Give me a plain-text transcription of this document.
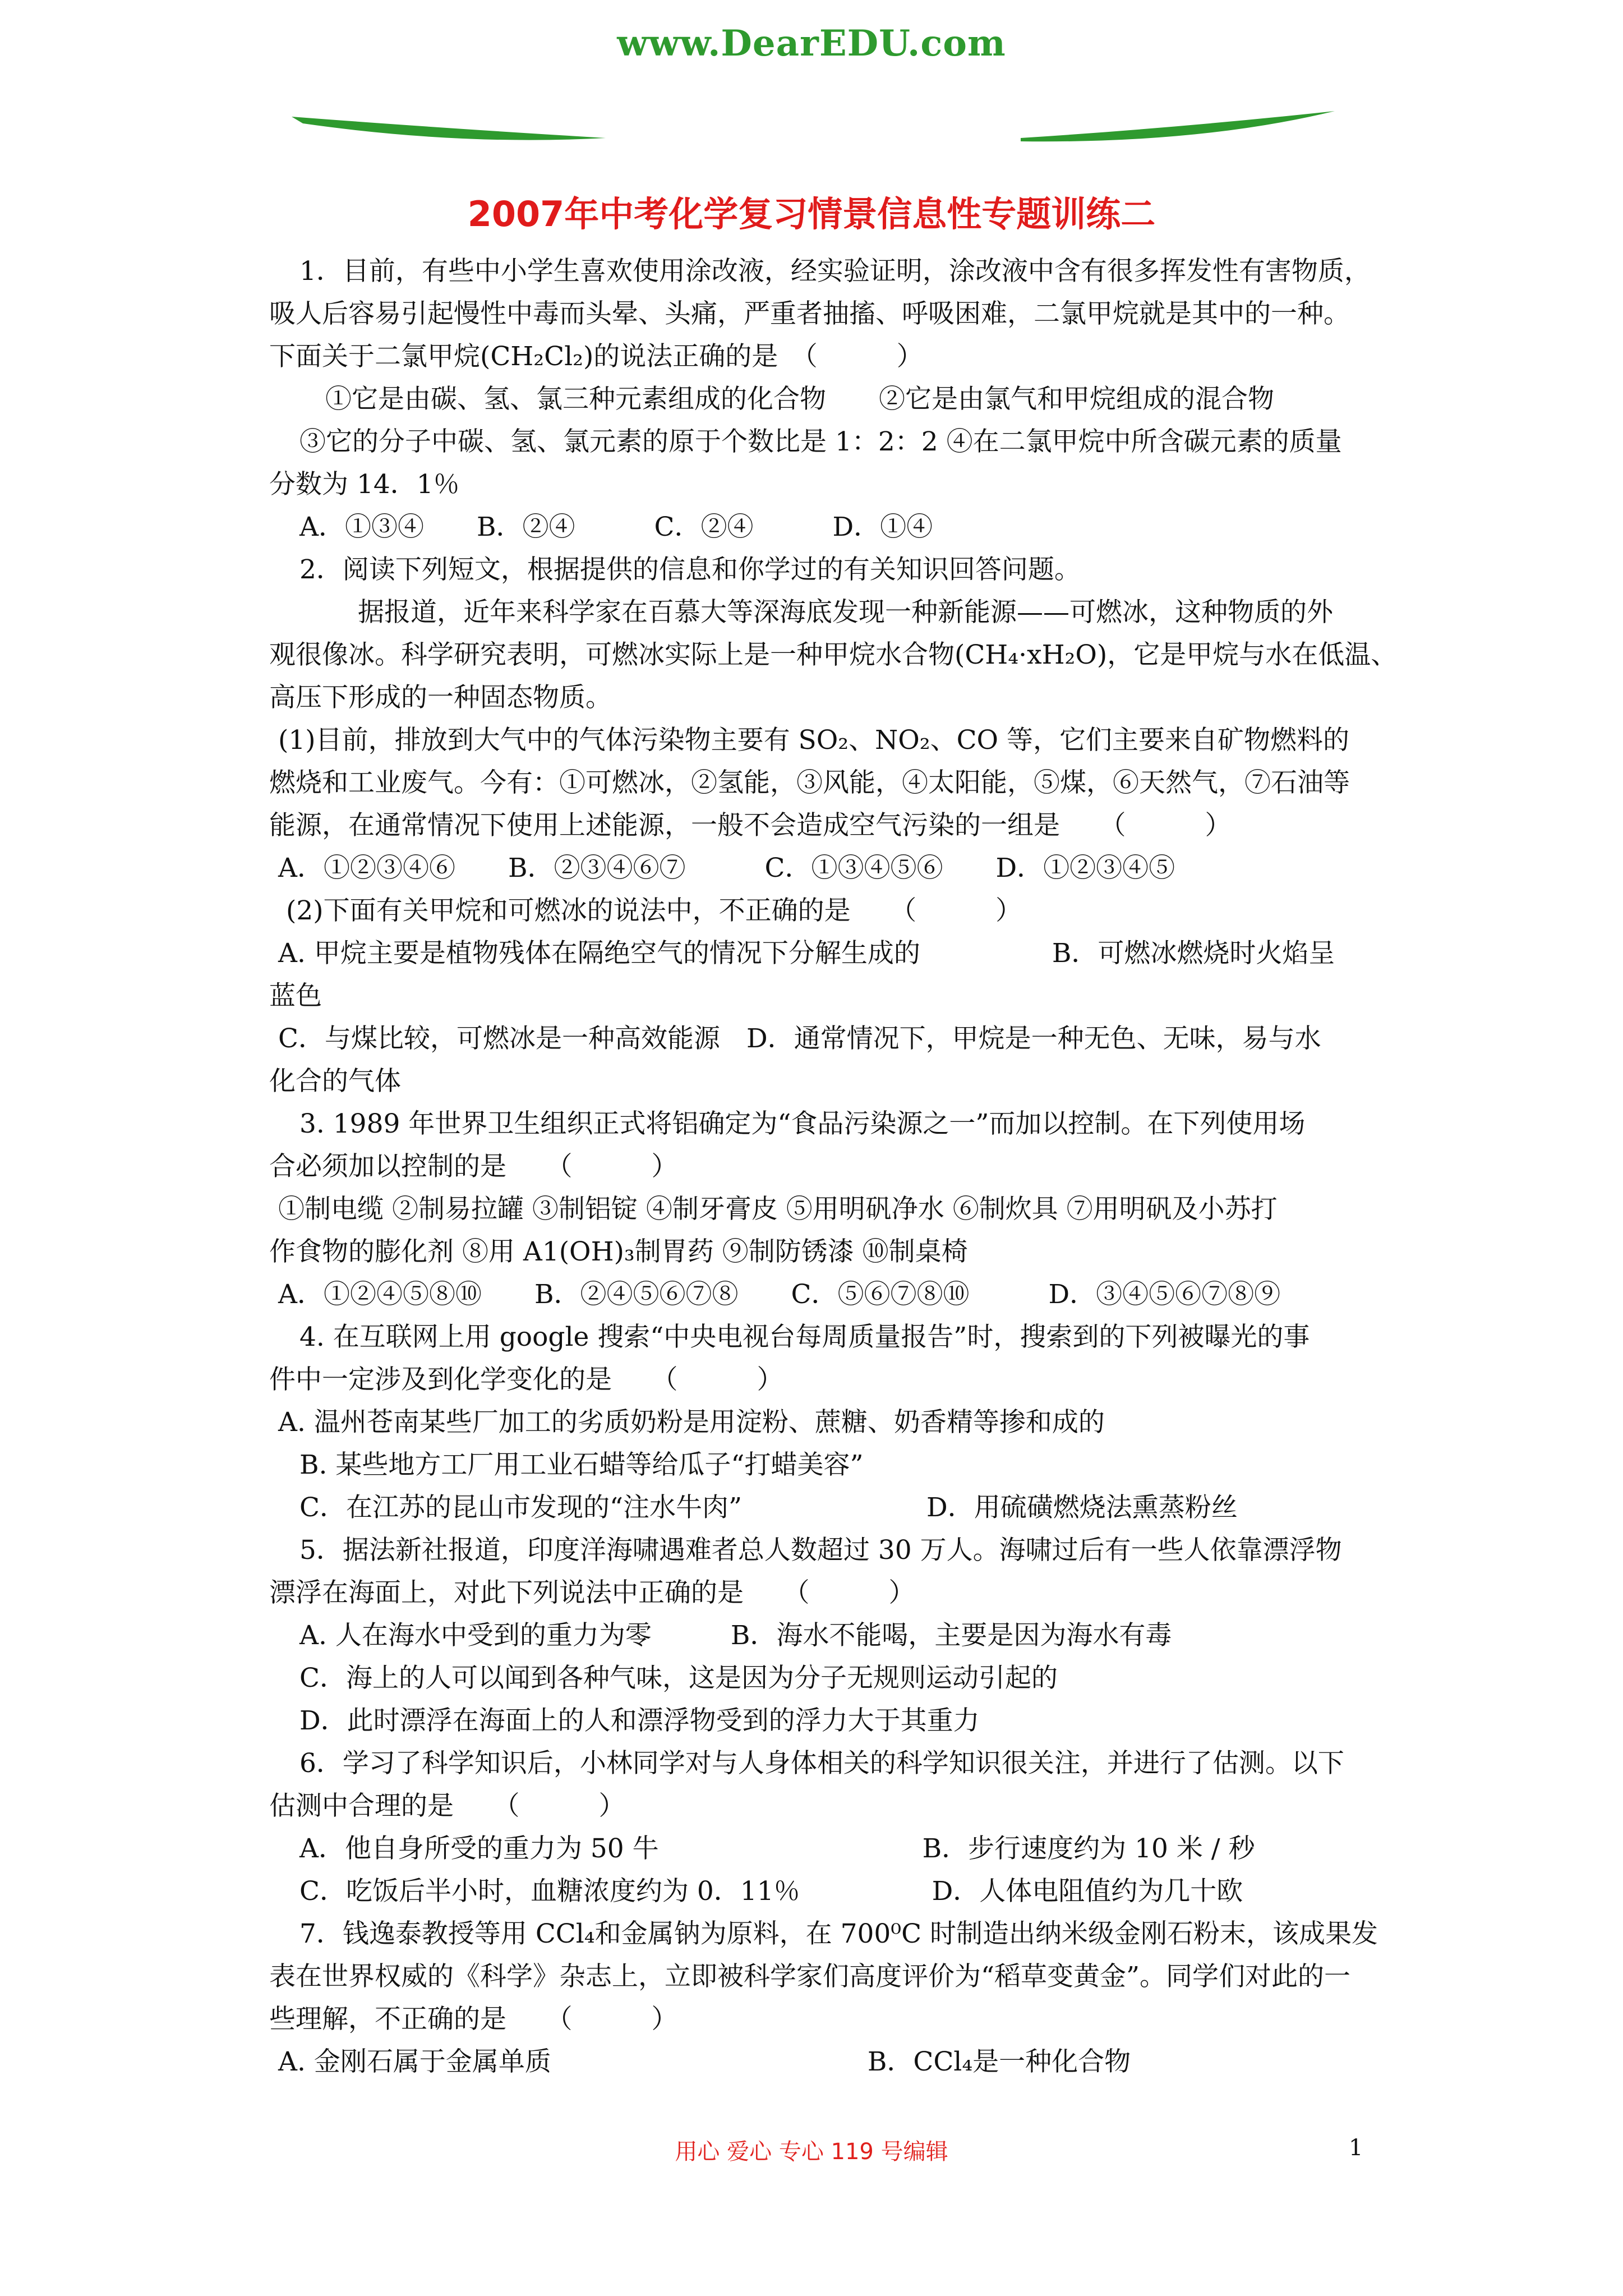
www.DearEDU.com
2007年中考化学复习情景信息性专题训练二
1．目前，有些中小学生喜欢使用涂改液，经实验证明，涂改液中含有很多挥发性有害物质，
吸人后容易引起慢性中毒而头晕、头痛，严重者抽搐、呼吸困难，二氯甲烷就是其中的一种。
下面关于二氯甲烷(CH₂Cl₂)的说法正确的是　（　　　）
①它是由碳、氢、氯三种元素组成的化合物　　②它是由氯气和甲烷组成的混合物
③它的分子中碳、氢、氯元素的原于个数比是 1：2：2 ④在二氯甲烷中所含碳元素的质量
分数为 14．1％
A．①③④　　B．②④　　　C．②④　　　D．①④
2．阅读下列短文，根据提供的信息和你学过的有关知识回答问题。
据报道，近年来科学家在百慕大等深海底发现一种新能源——可燃冰，这种物质的外
观很像冰。科学研究表明，可燃冰实际上是一种甲烷水合物(CH₄·xH₂O)，它是甲烷与水在低温、
高压下形成的一种固态物质。
(1)目前，排放到大气中的气体污染物主要有 SO₂、NO₂、CO 等，它们主要来自矿物燃料的
燃烧和工业废气。今有：①可燃冰，②氢能，③风能，④太阳能，⑤煤，⑥天然气，⑦石油等
能源，在通常情况下使用上述能源，一般不会造成空气污染的一组是　　（　　　）
A．①②③④⑥　　B．②③④⑥⑦　　　C．①③④⑤⑥　　D．①②③④⑤
(2)下面有关甲烷和可燃冰的说法中，不正确的是　　（　　　）
A. 甲烷主要是植物残体在隔绝空气的情况下分解生成的　　　　　B．可燃冰燃烧时火焰呈
蓝色
C．与煤比较，可燃冰是一种高效能源　D．通常情况下，甲烷是一种无色、无味，易与水
化合的气体
3. 1989 年世界卫生组织正式将铝确定为“食品污染源之一”而加以控制。在下列使用场
合必须加以控制的是　　（　　　）
①制电缆 ②制易拉罐 ③制铝锭 ④制牙膏皮 ⑤用明矾净水 ⑥制炊具 ⑦用明矾及小苏打
作食物的膨化剂 ⑧用 A1(OH)₃制胃药 ⑨制防锈漆 ⑩制桌椅
A．①②④⑤⑧⑩　　B．②④⑤⑥⑦⑧　　C．⑤⑥⑦⑧⑩　　　D．③④⑤⑥⑦⑧⑨
4. 在互联网上用 google 搜索“中央电视台每周质量报告”时，搜索到的下列被曝光的事
件中一定涉及到化学变化的是　　（　　　）
A. 温州苍南某些厂加工的劣质奶粉是用淀粉、蔗糖、奶香精等掺和成的
B. 某些地方工厂用工业石蜡等给瓜子“打蜡美容”
C．在江苏的昆山市发现的“注水牛肉”　　　　　　　D．用硫磺燃烧法熏蒸粉丝
5．据法新社报道，印度洋海啸遇难者总人数超过 30 万人。海啸过后有一些人依靠漂浮物
漂浮在海面上，对此下列说法中正确的是　　（　　　）
A. 人在海水中受到的重力为零　　　B．海水不能喝，主要是因为海水有毒
C．海上的人可以闻到各种气味，这是因为分子无规则运动引起的
D．此时漂浮在海面上的人和漂浮物受到的浮力大于其重力
6．学习了科学知识后，小林同学对与人身体相关的科学知识很关注，并进行了估测。以下
估测中合理的是　　（　　　）
A．他自身所受的重力为 50 牛　　　　　　　　　　B．步行速度约为 10 米 / 秒
C．吃饭后半小时，血糖浓度约为 0．11％　　　　　D．人体电阻值约为几十欧
7．钱逸泰教授等用 CCl₄和金属钠为原料，在 700⁰C 时制造出纳米级金刚石粉末，该成果发
表在世界权威的《科学》杂志上，立即被科学家们高度评价为“稻草变黄金”。同学们对此的一
些理解，不正确的是　　（　　　）
A. 金刚石属于金属单质　　　　　　　　　　　　B．CCl₄是一种化合物
用心 爱心 专心 119 号编辑	1
